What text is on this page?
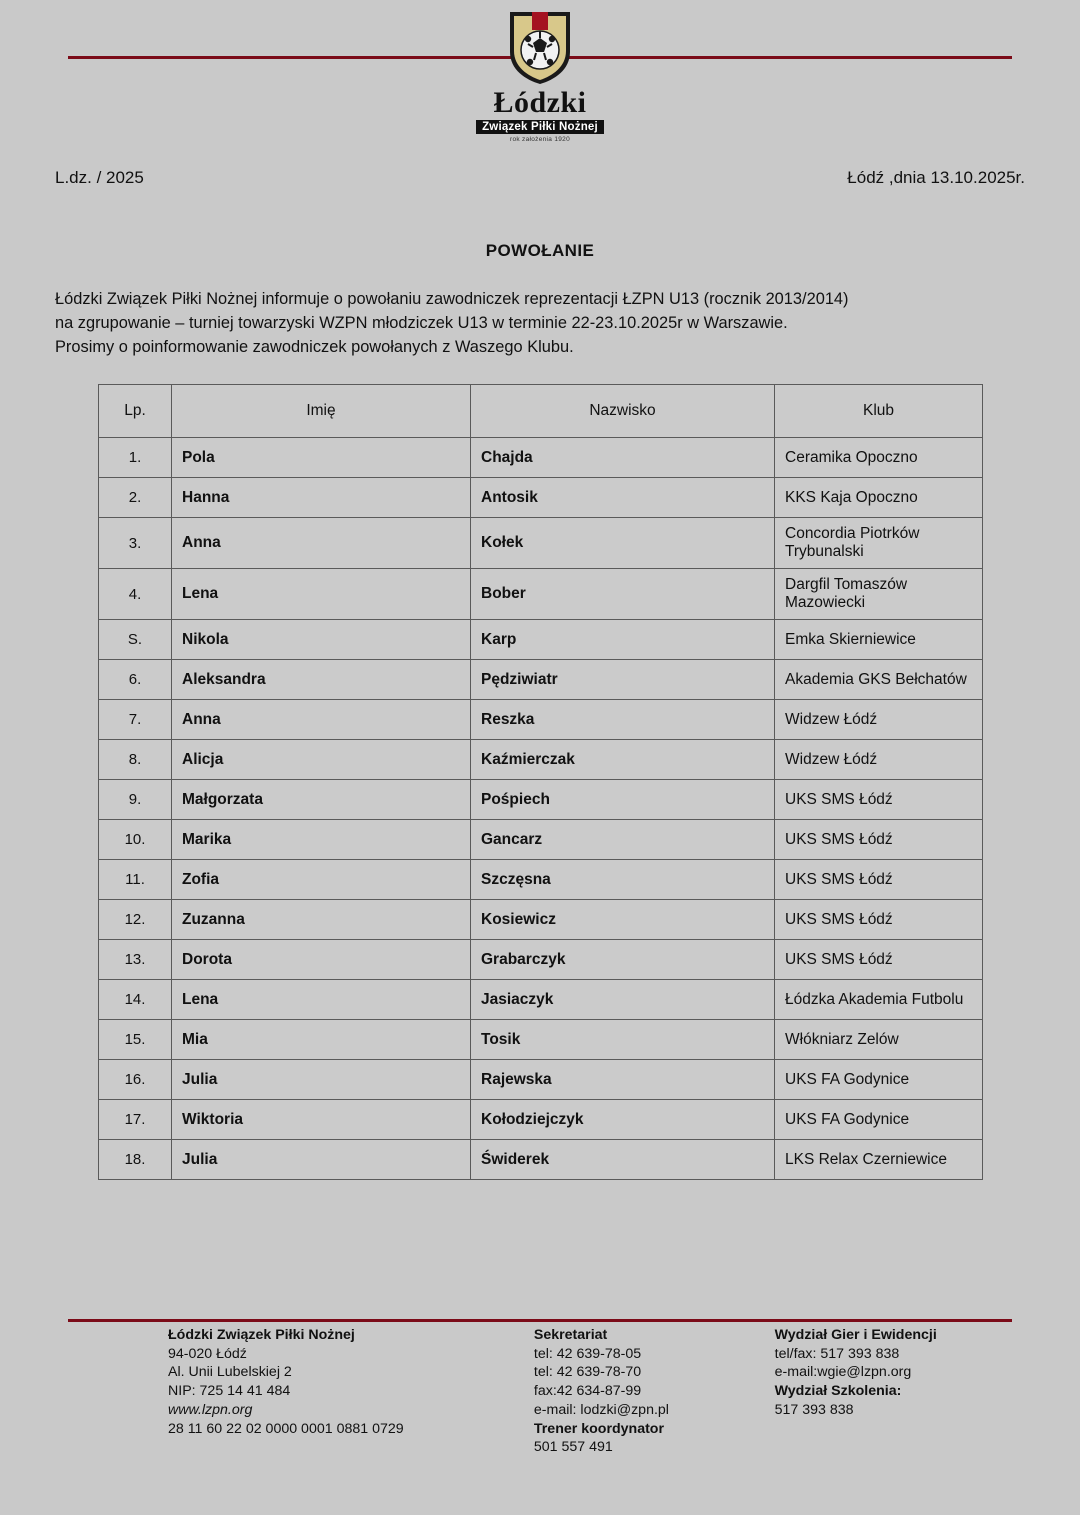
Łódzki
Związek Piłki Nożnej
rok założenia 1920
L.dz. / 2025	Łódź ,dnia 13.10.2025r.
POWOŁANIE

Łódzki Związek Piłki Nożnej informuje o powołaniu zawodniczek reprezentacji ŁZPN U13 (rocznik 2013/2014)

na zgrupowanie – turniej towarzyski WZPN młodziczek U13 w terminie 22-23.10.2025r w Warszawie.

Prosimy o poinformowanie zawodniczek powołanych z Waszego Klubu.

Lp.	Imię	Nazwisko	Klub
1.	Pola	Chajda	Ceramika Opoczno
2.	Hanna	Antosik	KKS Kaja Opoczno
3.	Anna	Kołek	Concordia Piotrków Trybunalski
4.	Lena	Bober	Dargfil Tomaszów Mazowiecki
S.	Nikola	Karp	Emka Skierniewice
6.	Aleksandra	Pędziwiatr	Akademia GKS Bełchatów
7.	Anna	Reszka	Widzew Łódź
8.	Alicja	Kaźmierczak	Widzew Łódź
9.	Małgorzata	Pośpiech	UKS SMS Łódź
10.	Marika	Gancarz	UKS SMS Łódź
11.	Zofia	Szczęsna	UKS SMS Łódź
12.	Zuzanna	Kosiewicz	UKS SMS Łódź
13.	Dorota	Grabarczyk	UKS SMS Łódź
14.	Lena	Jasiaczyk	Łódzka Akademia Futbolu
15.	Mia	Tosik	Włókniarz Zelów
16.	Julia	Rajewska	UKS FA Godynice
17.	Wiktoria	Kołodziejczyk	UKS FA Godynice
18.	Julia	Świderek	LKS Relax Czerniewice
Łódzki Związek Piłki Nożnej
94-020 Łódź
Al. Unii Lubelskiej 2
NIP: 725 14 41 484
www.lzpn.org
28 11 60 22 02 0000 0001 0881 0729
Sekretariat
tel: 42 639-78-05
tel: 42 639-78-70
fax:42 634-87-99
e-mail: lodzki@zpn.pl
Trener koordynator
501 557 491
Wydział Gier i Ewidencji
tel/fax: 517 393 838
e-mail:wgie@lzpn.org
Wydział Szkolenia:
517 393 838
